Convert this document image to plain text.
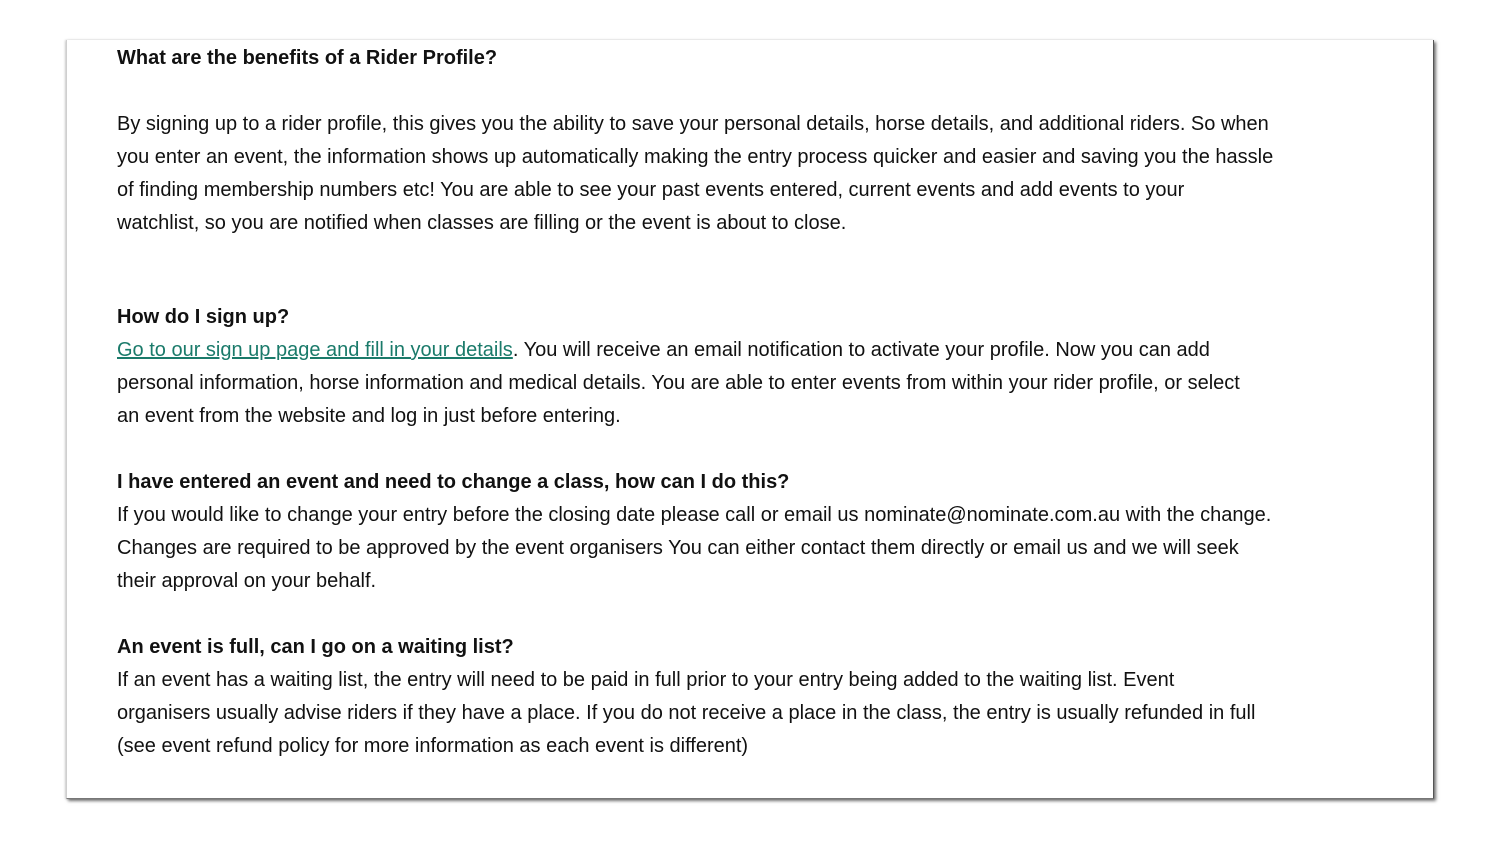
What are the benefits of a Rider Profile?
By signing up to a rider profile, this gives you the ability to save your personal details, horse details, and additional riders. So when
you enter an event, the information shows up automatically making the entry process quicker and easier and saving you the hassle
of finding membership numbers etc! You are able to see your past events entered, current events and add events to your
watchlist, so you are notified when classes are filling or the event is about to close.
How do I sign up?
Go to our sign up page and fill in your details. You will receive an email notification to activate your profile. Now you can add
personal information, horse information and medical details. You are able to enter events from within your rider profile, or select
an event from the website and log in just before entering.
I have entered an event and need to change a class, how can I do this?
If you would like to change your entry before the closing date please call or email us nominate@nominate.com.au with the change.
Changes are required to be approved by the event organisers You can either contact them directly or email us and we will seek
their approval on your behalf.
An event is full, can I go on a waiting list?
If an event has a waiting list, the entry will need to be paid in full prior to your entry being added to the waiting list. Event
organisers usually advise riders if they have a place. If you do not receive a place in the class, the entry is usually refunded in full
(see event refund policy for more information as each event is different)
